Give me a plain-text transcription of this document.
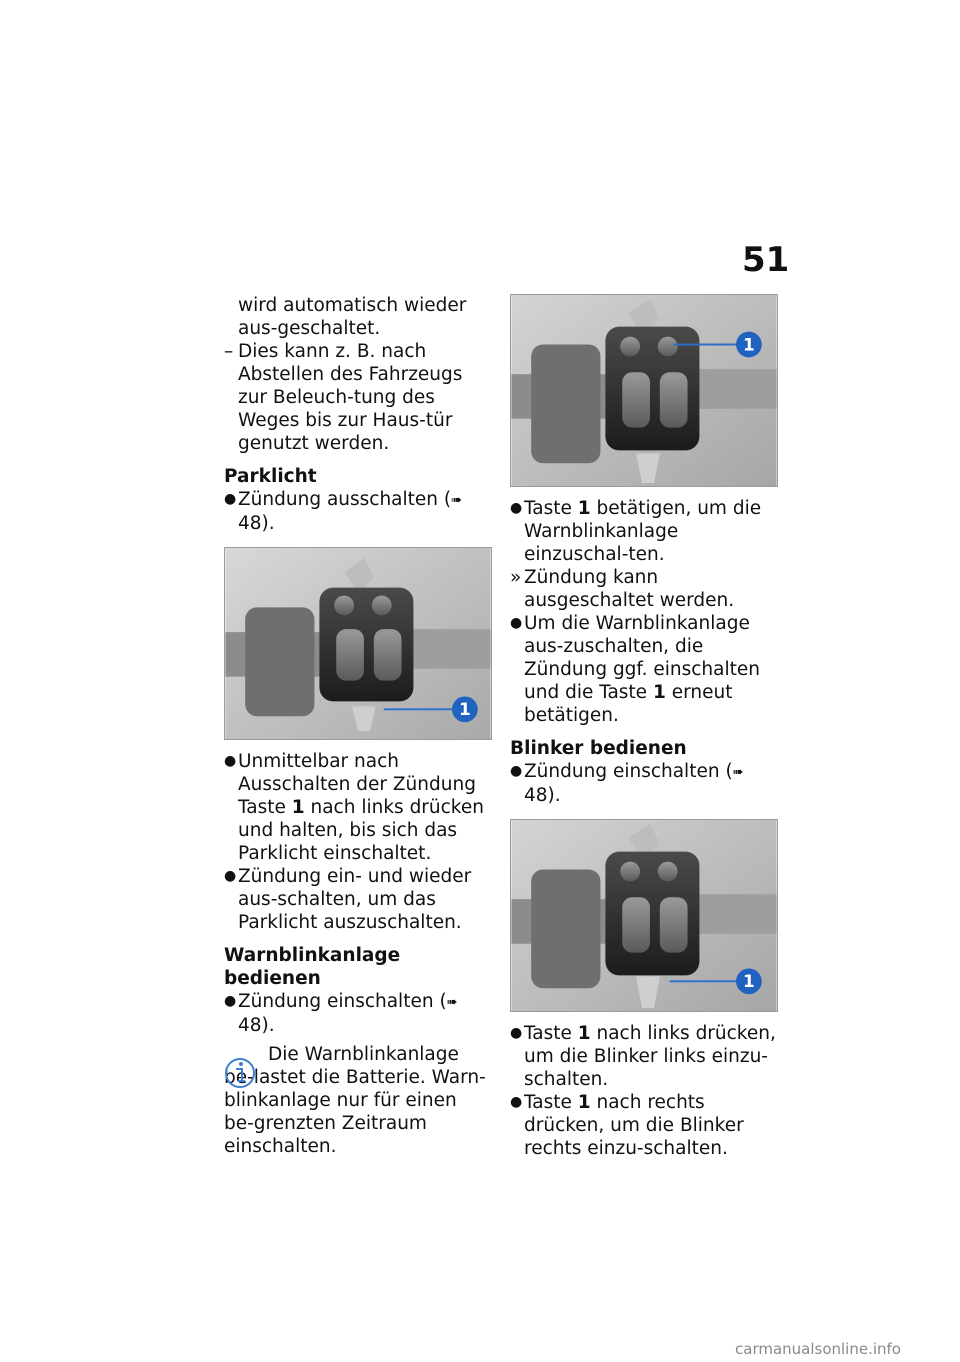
51

wird automatisch wieder aus-geschaltet.

– Dies kann z. B. nach Abstellen des Fahrzeugs zur Beleuch-tung des Weges bis zur Haus-tür genutzt werden.

Parklicht

● Zündung ausschalten (➠ 48).

1

● Unmittelbar nach Ausschalten der Zündung Taste 1 nach links drücken und halten, bis sich das Parklicht einschaltet.

● Zündung ein- und wieder aus-schalten, um das Parklicht auszuschalten.

Warnblinkanlage bedienen

● Zündung einschalten (➠ 48).

Die Warnblinkanlage be-lastet die Batterie. Warn-blinkanlage nur für einen be-grenzten Zeitraum einschalten.

1

● Taste 1 betätigen, um die Warnblinkanlage einzuschal-ten.

» Zündung kann ausgeschaltet werden.

● Um die Warnblinkanlage aus-zuschalten, die Zündung ggf. einschalten und die Taste 1 erneut betätigen.

Blinker bedienen

● Zündung einschalten (➠ 48).

1

● Taste 1 nach links drücken, um die Blinker links einzu-schalten.

● Taste 1 nach rechts drücken, um die Blinker rechts einzu-schalten.

carmanualsonline.info
